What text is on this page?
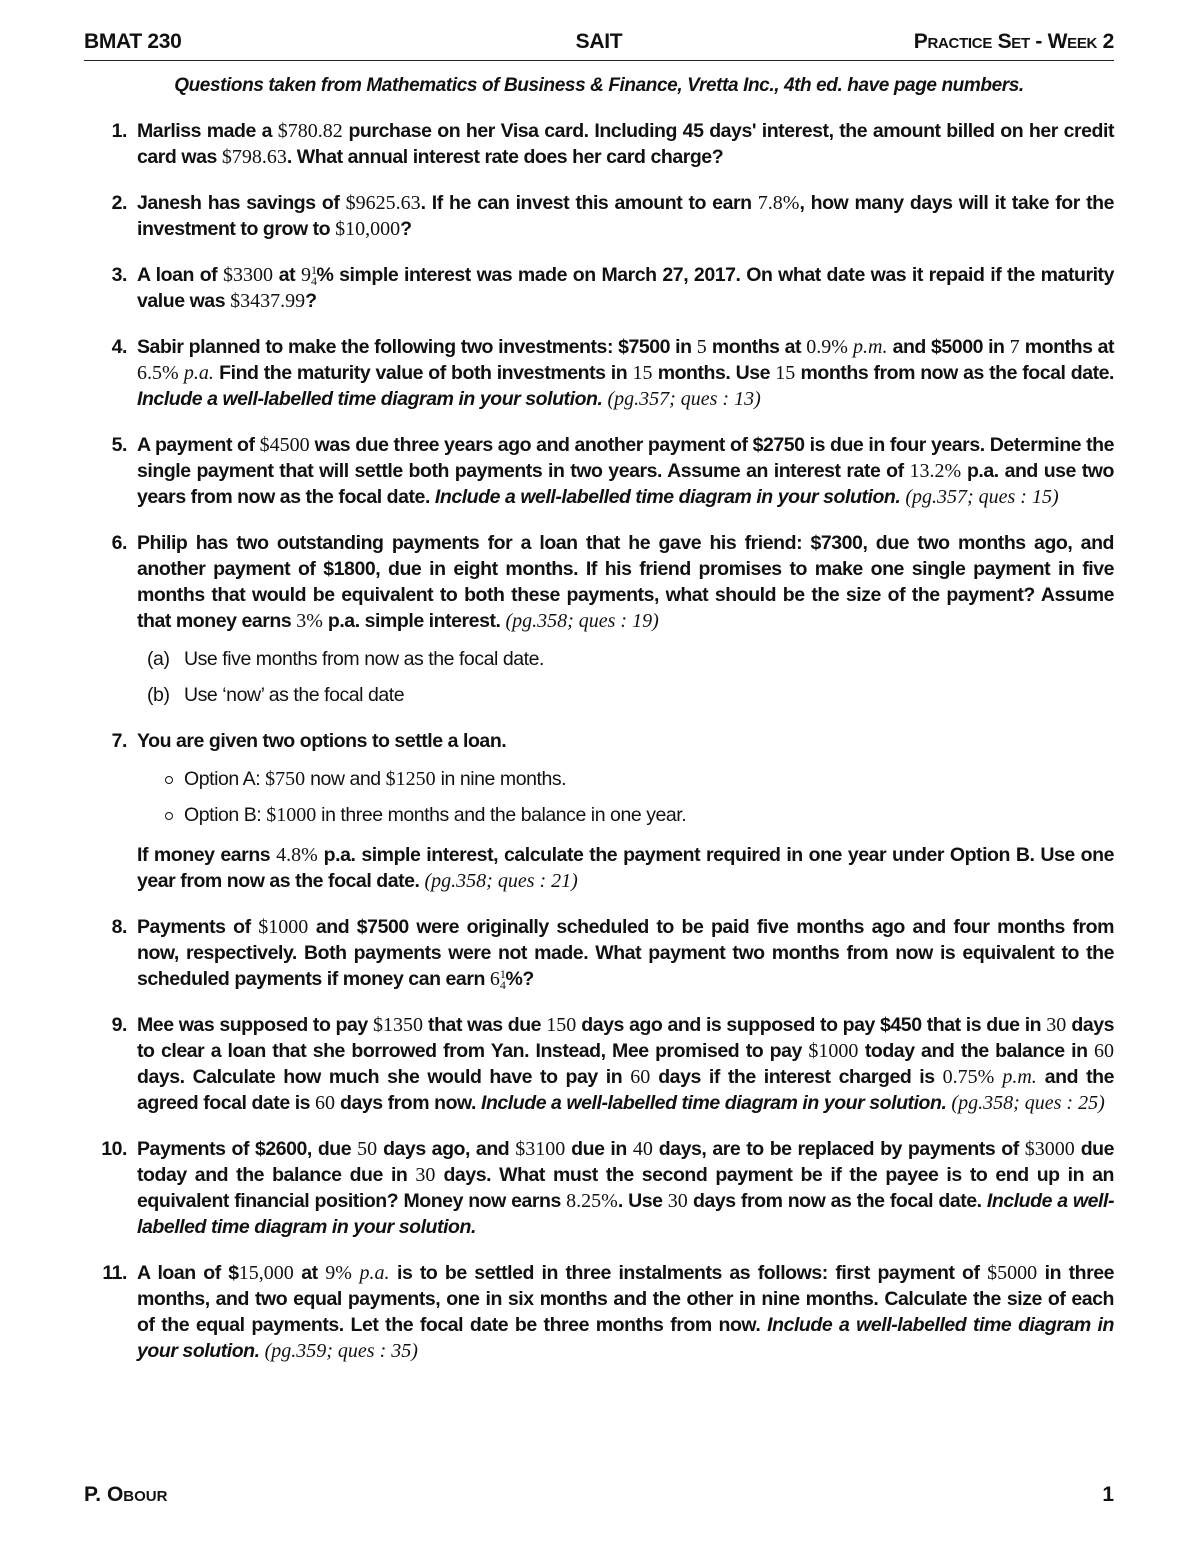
BMAT 230	SAIT	Practice Set - Week 2
Questions taken from Mathematics of Business & Finance, Vretta Inc., 4th ed. have page numbers.
1. Marliss made a $780.82 purchase on her Visa card. Including 45 days' interest, the amount billed on her credit card was $798.63. What annual interest rate does her card charge?
2. Janesh has savings of $9625.63. If he can invest this amount to earn 7.8%, how many days will it take for the investment to grow to $10,000?
3. A loan of $3300 at 9 1
4 % simple interest was made on March 27, 2017. On what date was it repaid if the maturity value was $3437.99?
4. Sabir planned to make the following two investments: $7500 in 5 months at 0.9% p.m. and $5000 in 7 months at 6.5% p.a. Find the maturity value of both investments in 15 months. Use 15 months from now as the focal date. Include a well-labelled time diagram in your solution. (pg.357; ques : 13)
5. A payment of $4500 was due three years ago and another payment of $2750 is due in four years. Determine the single payment that will settle both payments in two years. Assume an interest rate of 13.2% p.a. and use two years from now as the focal date. Include a well-labelled time diagram in your solution. (pg.357; ques : 15)
6. Philip has two outstanding payments for a loan that he gave his friend: $7300, due two months ago, and another payment of $1800, due in eight months. If his friend promises to make one single payment in five months that would be equivalent to both these payments, what should be the size of the payment? Assume that money earns 3% p.a. simple interest. (pg.358; ques : 19)
(a) Use five months from now as the focal date.
(b) Use ‘now’ as the focal date
7. You are given two options to settle a loan.
Option A: $750 now and $1250 in nine months.
Option B: $1000 in three months and the balance in one year.
If money earns 4.8% p.a. simple interest, calculate the payment required in one year under Option B. Use one year from now as the focal date. (pg.358; ques : 21)
8. Payments of $1000 and $7500 were originally scheduled to be paid five months ago and four months from now, respectively. Both payments were not made. What payment two months from now is equivalent to the scheduled payments if money can earn 6 1
4 %?
9. Mee was supposed to pay $1350 that was due 150 days ago and is supposed to pay $450 that is due in 30 days to clear a loan that she borrowed from Yan. Instead, Mee promised to pay $1000 today and the balance in 60 days. Calculate how much she would have to pay in 60 days if the interest charged is 0.75% p.m. and the agreed focal date is 60 days from now. Include a well-labelled time diagram in your solution. (pg.358; ques : 25)
10. Payments of $2600, due 50 days ago, and $3100 due in 40 days, are to be replaced by payments of $3000 due today and the balance due in 30 days. What must the second payment be if the payee is to end up in an equivalent financial position? Money now earns 8.25%. Use 30 days from now as the focal date. Include a well-labelled time diagram in your solution.
11. A loan of $15,000 at 9% p.a. is to be settled in three instalments as follows: first payment of $5000 in three months, and two equal payments, one in six months and the other in nine months. Calculate the size of each of the equal payments. Let the focal date be three months from now. Include a well-labelled time diagram in your solution. (pg.359; ques : 35)
P. Obour	1
